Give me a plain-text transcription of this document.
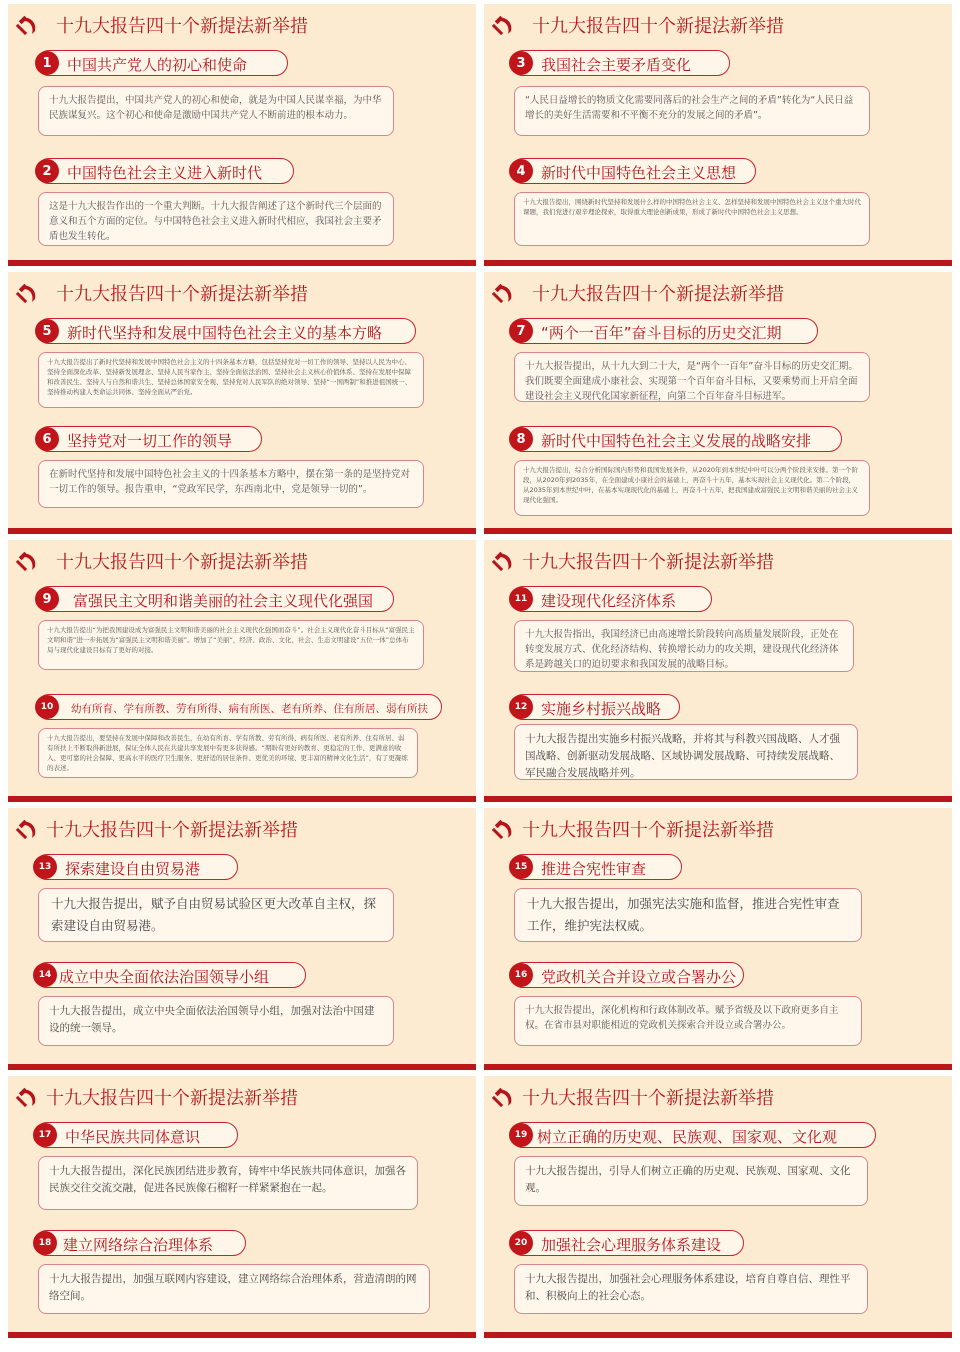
十九大报告四十个新提法新举措
1	中国共产党人的初心和使命

十九大报告提出，中国共产党人的初心和使命，就是为中国人民谋幸福，为中华民族谋复兴。这个初心和使命是激励中国共产党人不断前进的根本动力。

2	中国特色社会主义进入新时代

这是十九大报告作出的一个重大判断。十九大报告阐述了这个新时代三个层面的意义和五个方面的定位。与中国特色社会主义进入新时代相应，我国社会主要矛盾也发生转化。

十九大报告四十个新提法新举措
3	我国社会主要矛盾变化

“人民日益增长的物质文化需要同落后的社会生产之间的矛盾”转化为“人民日益增长的美好生活需要和不平衡不充分的发展之间的矛盾”。

4	新时代中国特色社会主义思想

十九大报告提出，围绕新时代坚持和发展什么样的中国特色社会主义、怎样坚持和发展中国特色社会主义这个重大时代课题，我们党进行艰辛理论探索，取得重大理论创新成果，形成了新时代中国特色社会主义思想。

十九大报告四十个新提法新举措
5	新时代坚持和发展中国特色社会主义的基本方略

十九大报告提出了新时代坚持和发展中国特色社会主义的十四条基本方略，包括坚持党对一切工作的领导、坚持以人民为中心、坚持全面深化改革、坚持新发展理念、坚持人民当家作主、坚持全面依法治国、坚持社会主义核心价值体系、坚持在发展中保障和改善民生、坚持人与自然和谐共生、坚持总体国家安全观、坚持党对人民军队的绝对领导、坚持“一国两制”和推进祖国统一、坚持推动构建人类命运共同体、坚持全面从严治党。

6	坚持党对一切工作的领导

在新时代坚持和发展中国特色社会主义的十四条基本方略中，摆在第一条的是坚持党对一切工作的领导。报告重申，“党政军民学，东西南北中，党是领导一切的”。

十九大报告四十个新提法新举措
7	“两个一百年”奋斗目标的历史交汇期

十九大报告提出，从十九大到二十大，是“两个一百年”奋斗目标的历史交汇期。我们既要全面建成小康社会、实现第一个百年奋斗目标，又要乘势而上开启全面建设社会主义现代化国家新征程，向第二个百年奋斗目标进军。

8	新时代中国特色社会主义发展的战略安排

十九大报告提出，综合分析国际国内形势和我国发展条件，从2020年到本世纪中叶可以分两个阶段来安排。第一个阶段，从2020年到2035年，在全面建成小康社会的基础上，再奋斗十五年，基本实现社会主义现代化。第二个阶段，从2035年到本世纪中叶，在基本实现现代化的基础上，再奋斗十五年，把我国建成富强民主文明和谐美丽的社会主义现代化强国。

十九大报告四十个新提法新举措
9	富强民主文明和谐美丽的社会主义现代化强国

十九大报告提出“为把我国建设成为富强民主文明和谐美丽的社会主义现代化强国而奋斗”。社会主义现代化奋斗目标从“富强民主文明和谐”进一步拓展为“富强民主文明和谐美丽”。增加了“美丽”，经济、政治、文化、社会、生态文明建设“五位一体”总体布局与现代化建设目标有了更好的对接。

10	幼有所育、学有所教、劳有所得、病有所医、老有所养、住有所居、弱有所扶

十九大报告提出，要坚持在发展中保障和改善民生，在幼有所育、学有所教、劳有所得、病有所医、老有所养、住有所居、弱有所扶上不断取得新进展，保证全体人民在共建共享发展中有更多获得感。“期盼有更好的教育、更稳定的工作、更满意的收入、更可靠的社会保障、更高水平的医疗卫生服务、更舒适的居住条件、更优美的环境、更丰富的精神文化生活”，有了更凝练的表述。

十九大报告四十个新提法新举措
11 建设现代化经济体系

十九大报告指出，我国经济已由高速增长阶段转向高质量发展阶段，正处在转变发展方式、优化经济结构、转换增长动力的攻关期，建设现代化经济体系是跨越关口的迫切要求和我国发展的战略目标。

12 实施乡村振兴战略

十九大报告提出实施乡村振兴战略，并将其与科教兴国战略、人才强国战略、创新驱动发展战略、区域协调发展战略、可持续发展战略、军民融合发展战略并列。

十九大报告四十个新提法新举措
13 探索建设自由贸易港

十九大报告提出，赋予自由贸易试验区更大改革自主权，探索建设自由贸易港。

14 成立中央全面依法治国领导小组

十九大报告提出，成立中央全面依法治国领导小组，加强对法治中国建设的统一领导。

十九大报告四十个新提法新举措
15 推进合宪性审查

十九大报告提出，加强宪法实施和监督，推进合宪性审查工作，维护宪法权威。

16 党政机关合并设立或合署办公

十九大报告提出，深化机构和行政体制改革。赋予省级及以下政府更多自主权。在省市县对职能相近的党政机关探索合并设立或合署办公。

十九大报告四十个新提法新举措
17 中华民族共同体意识

十九大报告提出，深化民族团结进步教育，铸牢中华民族共同体意识，加强各民族交往交流交融，促进各民族像石榴籽一样紧紧抱在一起。

18 建立网络综合治理体系

十九大报告提出，加强互联网内容建设，建立网络综合治理体系，营造清朗的网络空间。

十九大报告四十个新提法新举措
19 树立正确的历史观、民族观、国家观、文化观

十九大报告提出，引导人们树立正确的历史观、民族观、国家观、文化观。

20 加强社会心理服务体系建设

十九大报告提出，加强社会心理服务体系建设，培育自尊自信、理性平和、积极向上的社会心态。
